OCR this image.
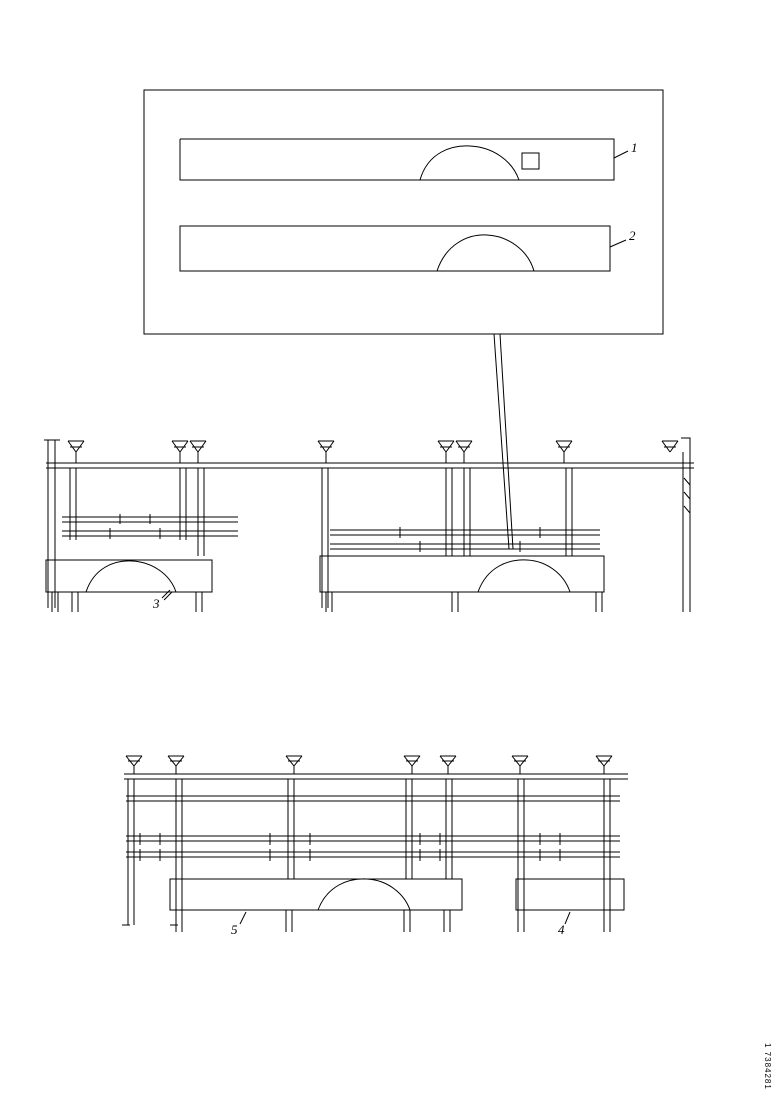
1
2
3
4
5
1 7384281
